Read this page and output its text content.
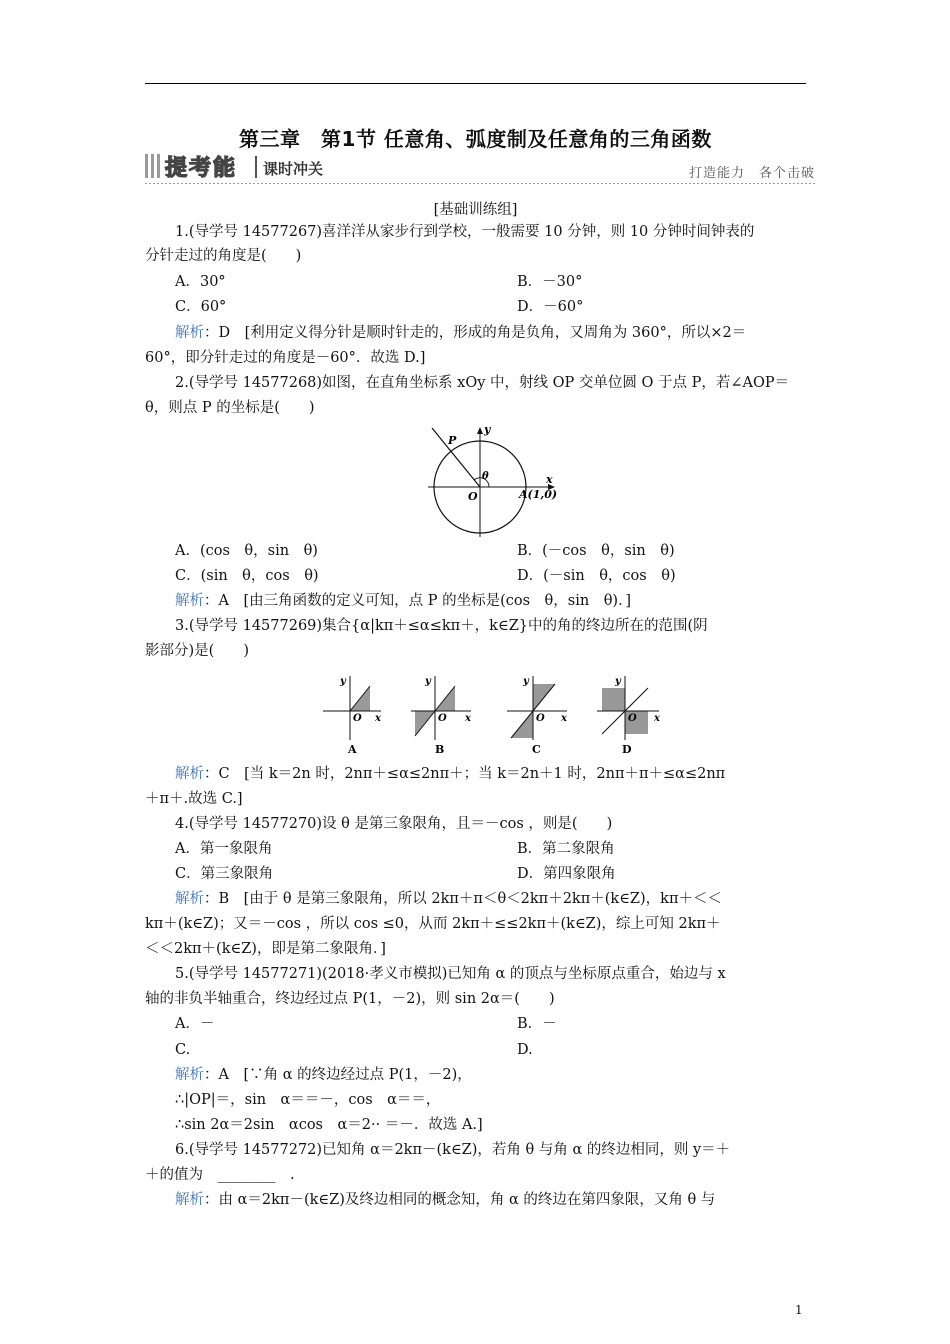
第三章　第1节 任意角、弧度制及任意角的三角函数
提考能 课时冲关	打造能力　各个击破
[基础训练组]
1.(导学号 14577267)喜洋洋从家步行到学校，一般需要 10 分钟，则 10 分钟时间钟表的
分针走过的角度是(　　)
A．30°	B．－30°
C．60°	D．－60°
解析：D　[利用定义得分针是顺时针走的，形成的角是负角，又周角为 360°，所以×2＝
60°，即分针走过的角度是－60°．故选 D.]
2.(导学号 14577268)如图，在直角坐标系 xOy 中，射线 OP 交单位圆 O 于点 P，若∠AOP＝
θ，则点 P 的坐标是(　　)
y
x
P
θ
O	A(1,0)
A．(cos　θ，sin　θ)	B．(－cos　θ，sin　θ)
C．(sin　θ，cos　θ)	D．(－sin　θ，cos　θ)
解析：A　[由三角函数的定义可知，点 P 的坐标是(cos　θ，sin　θ)．]
3.(导学号 14577269)集合{α|kπ＋≤α≤kπ＋，k∈Z}中的角的终边所在的范围(阴
影部分)是(　　)
y
x
O
A
y
x
O
B
y
x
O
C
y
x
O
D
解析：C　[当 k＝2n 时，2nπ＋≤α≤2nπ＋；当 k＝2n＋1 时，2nπ＋π＋≤α≤2nπ
＋π＋.故选 C.]
4.(导学号 14577270)设 θ 是第三象限角，且＝－cos ，则是(　　)
A．第一象限角	B．第二象限角
C．第三象限角	D．第四象限角
解析：B　[由于 θ 是第三象限角，所以 2kπ＋π＜θ＜2kπ＋2kπ＋(k∈Z)，kπ＋＜＜
kπ＋(k∈Z)；又＝－cos ，所以 cos ≤0，从而 2kπ＋≤≤2kπ＋(k∈Z)，综上可知 2kπ＋
＜＜2kπ＋(k∈Z)，即是第二象限角．]
5.(导学号 14577271)(2018·孝义市模拟)已知角 α 的顶点与坐标原点重合，始边与 x
轴的非负半轴重合，终边经过点 P(1，－2)，则 sin 2α＝(　　)
A．－	B．－
C.	D.
解析：A　[∵角 α 的终边经过点 P(1，－2)，
∴|OP|＝，sin　α＝＝－，cos　α＝＝，
∴sin 2α＝2sin　αcos　α＝2·· ＝－．故选 A.]
6.(导学号 14577272)已知角 α＝2kπ－(k∈Z)，若角 θ 与角 α 的终边相同，则 y＝＋
＋的值为　________　.
解析：由 α＝2kπ－(k∈Z)及终边相同的概念知，角 α 的终边在第四象限，又角 θ 与
1
